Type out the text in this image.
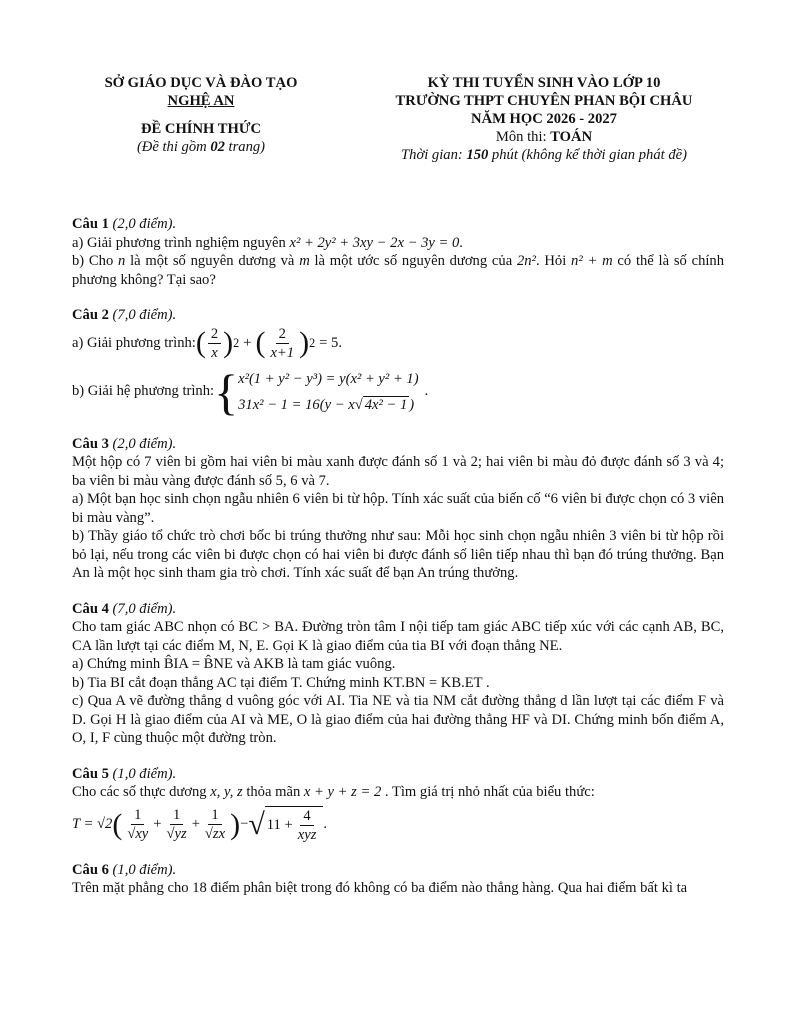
SỞ GIÁO DỤC VÀ ĐÀO TẠO
NGHỆ AN
ĐỀ CHÍNH THỨC
(Đề thi gồm 02 trang)
KỲ THI TUYỂN SINH VÀO LỚP 10
TRƯỜNG THPT CHUYÊN PHAN BỘI CHÂU
NĂM HỌC 2026 - 2027
Môn thi: TOÁN
Thời gian: 150 phút (không kể thời gian phát đề)

Câu 1 (2,0 điểm).

a) Giải phương trình nghiệm nguyên x² + 2y² + 3xy − 2x − 3y = 0.

b) Cho n là một số nguyên dương và m là một ước số nguyên dương của 2n². Hỏi n² + m có thể là số chính phương không? Tại sao?

Câu 2 (7,0 điểm).

a) Giải phương trình: ( $\frac{2}{x}$ ) 2 + ( $\frac{2}{x+1}$ ) 2 = 5.
b) Giải hệ phương trình: { x²(1 + y² − y³) = y(x² + y² + 1)
31x² − 1 = 16(y − x√ 4x² − 1 )
.

Câu 3 (2,0 điểm).

Một hộp có 7 viên bi gồm hai viên bi màu xanh được đánh số 1 và 2; hai viên bi màu đỏ được đánh số 3 và 4; ba viên bi màu vàng được đánh số 5, 6 và 7.

a) Một bạn học sinh chọn ngẫu nhiên 6 viên bi từ hộp. Tính xác suất của biến cố “6 viên bi được chọn có 3 viên bi màu vàng”.

b) Thầy giáo tổ chức trò chơi bốc bi trúng thưởng như sau: Mỗi học sinh chọn ngẫu nhiên 3 viên bi từ hộp rồi bỏ lại, nếu trong các viên bi được chọn có hai viên bi được đánh số liên tiếp nhau thì bạn đó trúng thưởng. Bạn An là một học sinh tham gia trò chơi. Tính xác suất để bạn An trúng thưởng.

Câu 4 (7,0 điểm).

Cho tam giác ABC nhọn có BC > BA. Đường tròn tâm I nội tiếp tam giác ABC tiếp xúc với các cạnh AB, BC, CA lần lượt tại các điểm M, N, E. Gọi K là giao điểm của tia BI với đoạn thẳng NE.

a) Chứng minh B̂IA = B̂NE và AKB là tam giác vuông.

b) Tia BI cắt đoạn thẳng AC tại điểm T. Chứng minh KT.BN = KB.ET .

c) Qua A vẽ đường thẳng d vuông góc với AI. Tia NE và tia NM cắt đường thẳng d lần lượt tại các điểm F và D. Gọi H là giao điểm của AI và ME, O là giao điểm của hai đường thẳng HF và DI. Chứng minh bốn điểm A, O, I, F cùng thuộc một đường tròn.

Câu 5 (1,0 điểm).

Cho các số thực dương x, y, z thỏa mãn x + y + z = 2 . Tìm giá trị nhỏ nhất của biểu thức:

T = √2 ( $\frac{1}{√xy} + \frac{1}{√yz} + \frac{1}{√zx}$ ) − √ $11 + \frac{4}{\text{xyz}}$ .

Câu 6 (1,0 điểm).

Trên mặt phẳng cho 18 điểm phân biệt trong đó không có ba điểm nào thẳng hàng. Qua hai điểm bất kì ta
